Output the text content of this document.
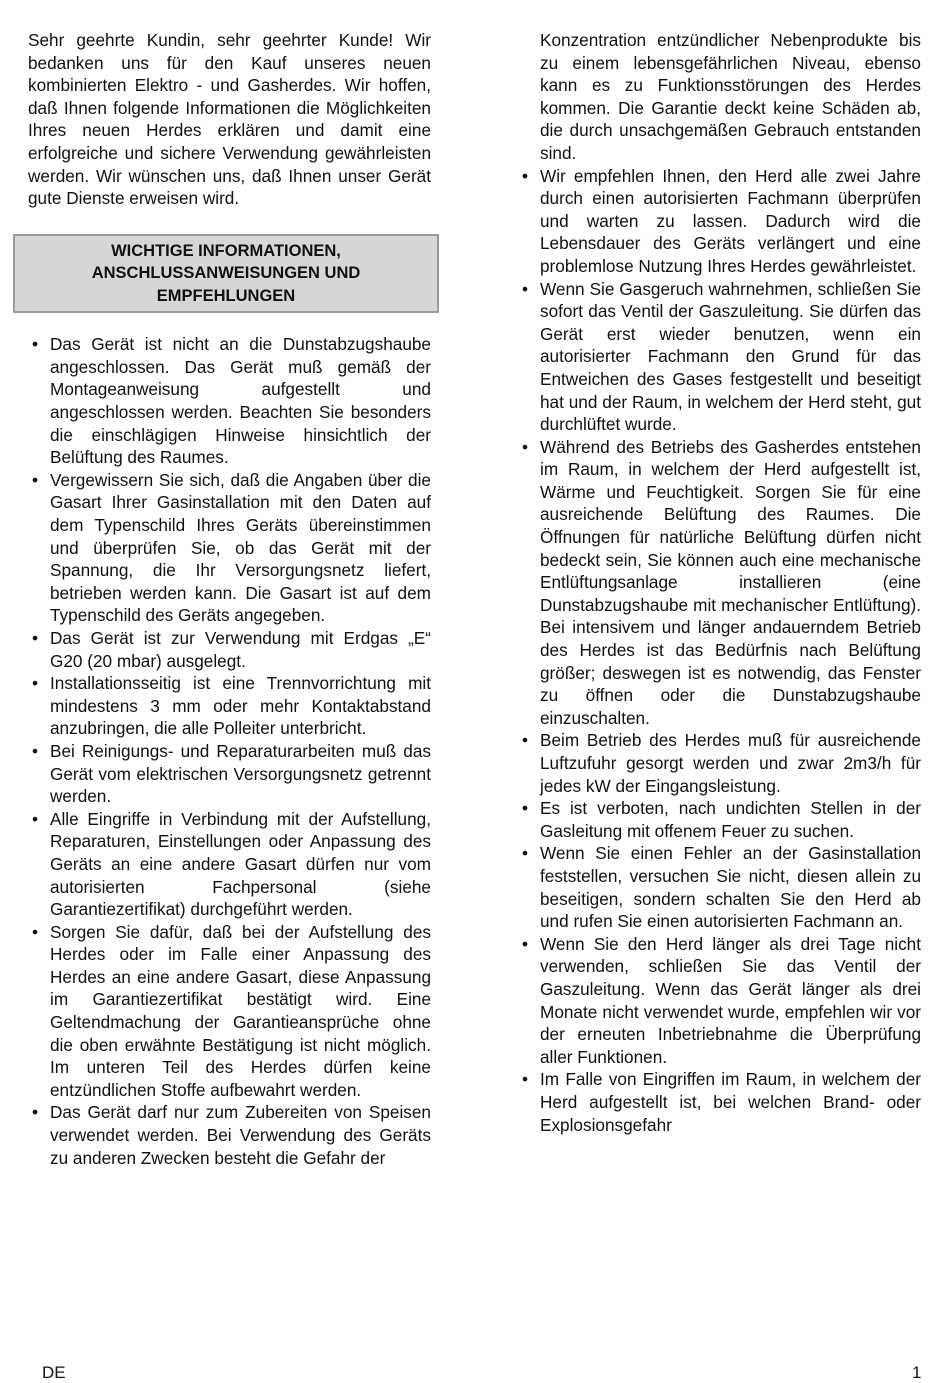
Sehr geehrte Kundin, sehr geehrter Kunde! Wir bedanken uns für den Kauf unseres neuen kombinierten Elektro - und Gasherdes. Wir hoffen, daß Ihnen folgende Informationen die Möglichkeiten Ihres neuen Herdes erklären und damit eine erfolgreiche und sichere Verwendung gewährleisten werden. Wir wünschen uns, daß Ihnen unser Gerät gute Dienste erweisen wird.

WICHTIGE INFORMATIONEN,
ANSCHLUSSANWEISUNGEN UND
EMPFEHLUNGEN
• Das Gerät ist nicht an die Dunstabzugshaube angeschlossen. Das Gerät muß gemäß der Montageanweisung aufgestellt und angeschlossen werden. Beachten Sie besonders die einschlägigen Hinweise hinsichtlich der Belüftung des Raumes.
• Vergewissern Sie sich, daß die Angaben über die Gasart Ihrer Gasinstallation mit den Daten auf dem Typenschild Ihres Geräts übereinstimmen und überprüfen Sie, ob das Gerät mit der Spannung, die Ihr Versorgungsnetz liefert, betrieben werden kann. Die Gasart ist auf dem Typenschild des Geräts angegeben.
• Das Gerät ist zur Verwendung mit Erdgas „E“ G20 (20 mbar) ausgelegt.
• Installationsseitig ist eine Trennvorrichtung mit mindestens 3 mm oder mehr Kontaktabstand anzubringen, die alle Polleiter unterbricht.
• Bei Reinigungs- und Reparaturarbeiten muß das Gerät vom elektrischen Versorgungsnetz getrennt werden.
• Alle Eingriffe in Verbindung mit der Aufstellung, Reparaturen, Einstellungen oder Anpassung des Geräts an eine andere Gasart dürfen nur vom autorisierten Fachpersonal (siehe Garantiezertifikat) durchgeführt werden.
• Sorgen Sie dafür, daß bei der Aufstellung des Herdes oder im Falle einer Anpassung des Herdes an eine andere Gasart, diese Anpassung im Garantiezertifikat bestätigt wird. Eine Geltendmachung der Garantieansprüche ohne die oben erwähnte Bestätigung ist nicht möglich. Im unteren Teil des Herdes dürfen keine entzündlichen Stoffe aufbewahrt werden.
• Das Gerät darf nur zum Zubereiten von Speisen verwendet werden. Bei Verwendung des Geräts zu anderen Zwecken besteht die Gefahr der

Konzentration entzündlicher Nebenprodukte bis zu einem lebensgefährlichen Niveau, ebenso kann es zu Funktionsstörungen des Herdes kommen. Die Garantie deckt keine Schäden ab, die durch unsachgemäßen Gebrauch entstanden sind.

• Wir empfehlen Ihnen, den Herd alle zwei Jahre durch einen autorisierten Fachmann überprüfen und warten zu lassen. Dadurch wird die Lebensdauer des Geräts verlängert und eine problemlose Nutzung Ihres Herdes gewährleistet.
• Wenn Sie Gasgeruch wahrnehmen, schließen Sie sofort das Ventil der Gaszuleitung. Sie dürfen das Gerät erst wieder benutzen, wenn ein autorisierter Fachmann den Grund für das Entweichen des Gases festgestellt und beseitigt hat und der Raum, in welchem der Herd steht, gut durchlüftet wurde.
• Während des Betriebs des Gasherdes entstehen im Raum, in welchem der Herd aufgestellt ist, Wärme und Feuchtigkeit. Sorgen Sie für eine ausreichende Belüftung des Raumes. Die Öffnungen für natürliche Belüftung dürfen nicht bedeckt sein, Sie können auch eine mechanische Entlüftungsanlage installieren (eine Dunstabzugshaube mit mechanischer Entlüftung). Bei intensivem und länger andauerndem Betrieb des Herdes ist das Bedürfnis nach Belüftung größer; deswegen ist es notwendig, das Fenster zu öffnen oder die Dunstabzugshaube einzuschalten.
• Beim Betrieb des Herdes muß für ausreichende Luftzufuhr gesorgt werden und zwar 2m3/h für jedes kW der Eingangsleistung.
• Es ist verboten, nach undichten Stellen in der Gasleitung mit offenem Feuer zu suchen.
• Wenn Sie einen Fehler an der Gasinstallation feststellen, versuchen Sie nicht, diesen allein zu beseitigen, sondern schalten Sie den Herd ab und rufen Sie einen autorisierten Fachmann an.
• Wenn Sie den Herd länger als drei Tage nicht verwenden, schließen Sie das Ventil der Gaszuleitung. Wenn das Gerät länger als drei Monate nicht verwendet wurde, empfehlen wir vor der erneuten Inbetriebnahme die Überprüfung aller Funktionen.
• Im Falle von Eingriffen im Raum, in welchem der Herd aufgestellt ist, bei welchen Brand- oder Explosionsgefahr
DE	1
